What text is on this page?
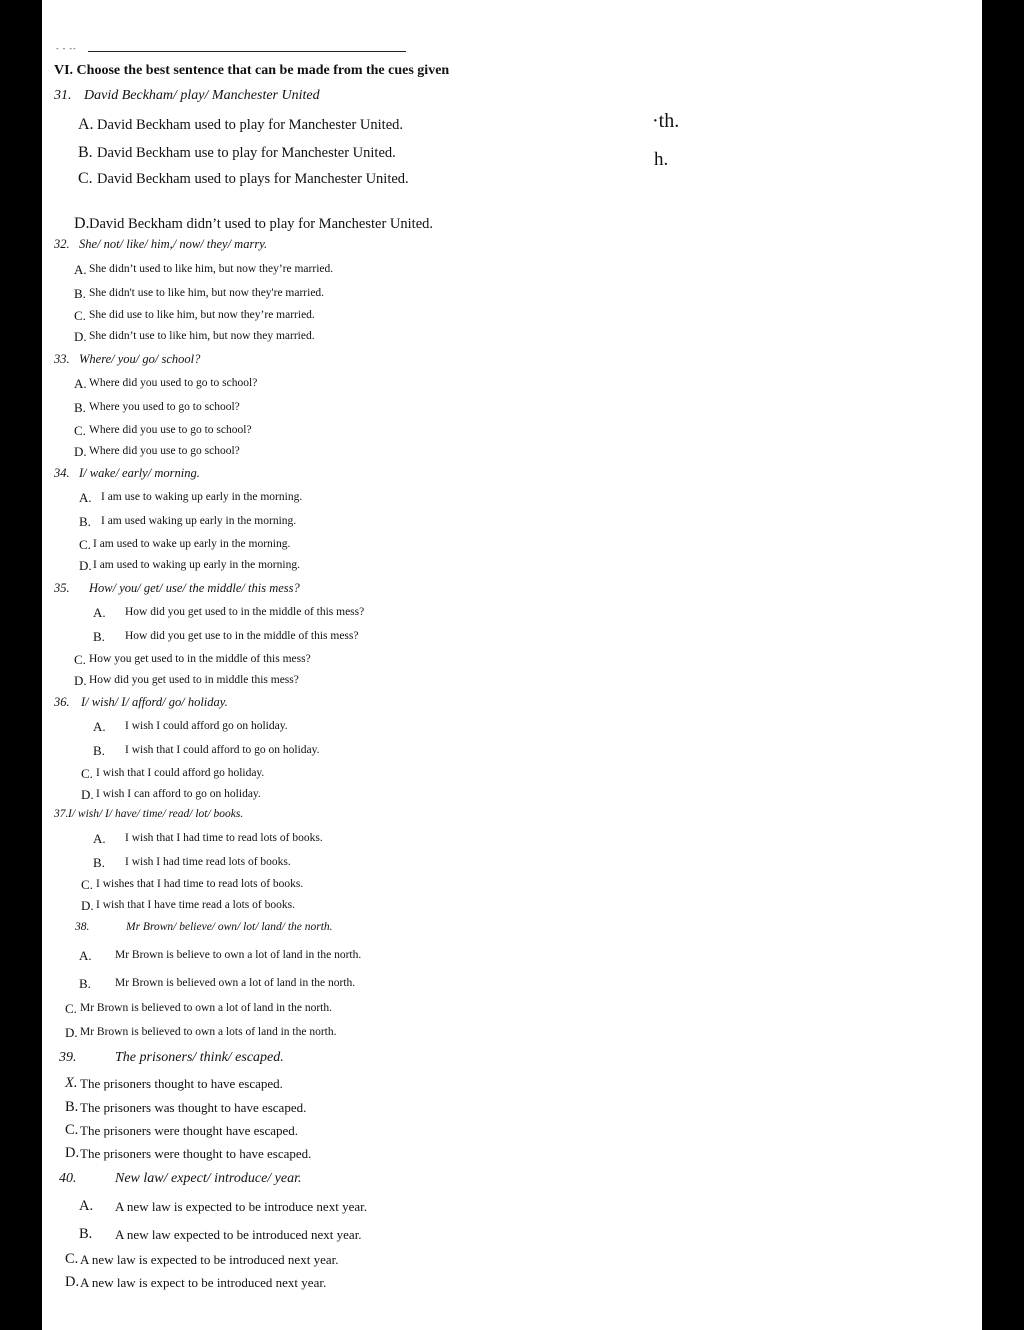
- - --
VI. Choose the best sentence that can be made from the cues given
·th.
h.
31. David Beckham/ play/ Manchester United
A. David Beckham used to play for Manchester United.
B. David Beckham use to play for Manchester United.
C. David Beckham used to plays for Manchester United.
D. David Beckham didn’t used to play for Manchester United.
32. She/ not/ like/ him,/ now/ they/ marry.
A. She didn’t used to like him, but now they’re married.
B. She didn't use to like him, but now they're married.
C. She did use to like him, but now they’re married.
D. She didn’t use to like him, but now they married.
33. Where/ you/ go/ school?
A. Where did you used to go to school?
B. Where you used to go to school?
C. Where did you use to go to school?
D. Where did you use to go school?
34. I/ wake/ early/ morning.
A. I am use to waking up early in the morning.
B. I am used waking up early in the morning.
C. I am used to wake up early in the morning.
D. I am used to waking up early in the morning.
35. How/ you/ get/ use/ the middle/ this mess?
A. How did you get used to in the middle of this mess?
B. How did you get use to in the middle of this mess?
C. How you get used to in the middle of this mess?
D. How did you get used to in middle this mess?
36. I/ wish/ I/ afford/ go/ holiday.
A. I wish I could afford go on holiday.
B. I wish that I could afford to go on holiday.
C. I wish that I could afford go holiday.
D. I wish I can afford to go on holiday.
37. I/ wish/ I/ have/ time/ read/ lot/ books.
A. I wish that I had time to read lots of books.
B. I wish I had time read lots of books.
C. I wishes that I had time to read lots of books.
D. I wish that I have time read a lots of books.
38.	Mr Brown/ believe/ own/ lot/ land/ the north.
A. Mr Brown is believe to own a lot of land in the north.
B. Mr Brown is believed own a lot of land in the north.
C. Mr Brown is believed to own a lot of land in the north.
D. Mr Brown is believed to own a lots of land in the north.
39.	The prisoners/ think/ escaped.
X. The prisoners thought to have escaped.
B. The prisoners was thought to have escaped.
C. The prisoners were thought have escaped.
D. The prisoners were thought to have escaped.
40.	New law/ expect/ introduce/ year.
A. A new law is expected to be introduce next year.
B. A new law expected to be introduced next year.
C. A new law is expected to be introduced next year.
D. A new law is expect to be introduced next year.
